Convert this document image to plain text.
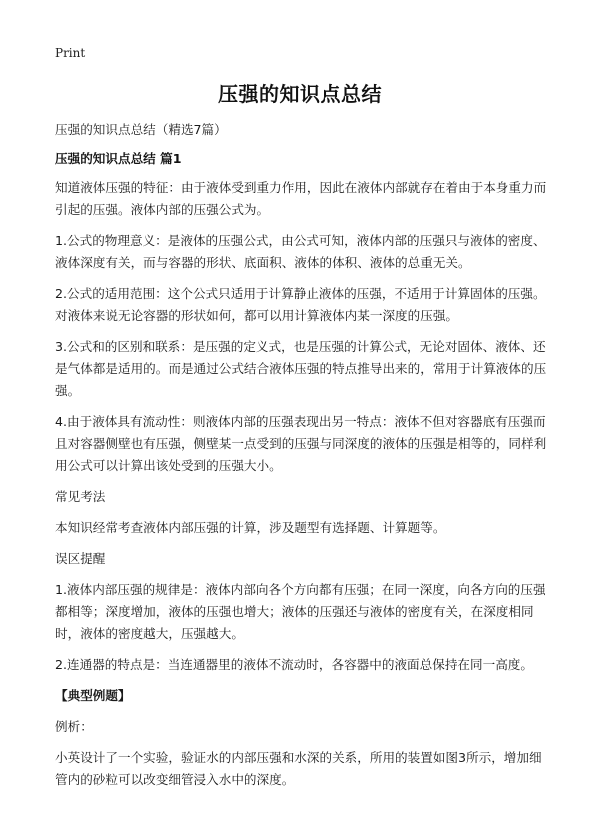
Print
压强的知识点总结
压强的知识点总结（精选7篇）
压强的知识点总结 篇1
知道液体压强的特征：由于液体受到重力作用，因此在液体内部就存在着由于本身重力而引起的压强。液体内部的压强公式为。
1.公式的物理意义：是液体的压强公式，由公式可知，液体内部的压强只与液体的密度、液体深度有关，而与容器的形状、底面积、液体的体积、液体的总重无关。
2.公式的适用范围：这个公式只适用于计算静止液体的压强，不适用于计算固体的压强。对液体来说无论容器的形状如何，都可以用计算液体内某一深度的压强。
3.公式和的区别和联系：是压强的定义式，也是压强的计算公式，无论对固体、液体、还是气体都是适用的。而是通过公式结合液体压强的特点推导出来的，常用于计算液体的压强。
4.由于液体具有流动性：则液体内部的压强表现出另一特点：液体不但对容器底有压强而且对容器侧壁也有压强，侧壁某一点受到的压强与同深度的液体的压强是相等的，同样利用公式可以计算出该处受到的压强大小。
常见考法
本知识经常考查液体内部压强的计算，涉及题型有选择题、计算题等。
误区提醒
1.液体内部压强的规律是：液体内部向各个方向都有压强；在同一深度，向各方向的压强都相等；深度增加，液体的压强也增大；液体的压强还与液体的密度有关，在深度相同时，液体的密度越大，压强越大。
2.连通器的特点是：当连通器里的液体不流动时，各容器中的液面总保持在同一高度。
【典型例题】
例析：
小英设计了一个实验，验证水的内部压强和水深的关系，所用的装置如图3所示，增加细管内的砂粒可以改变细管浸入水中的深度。
